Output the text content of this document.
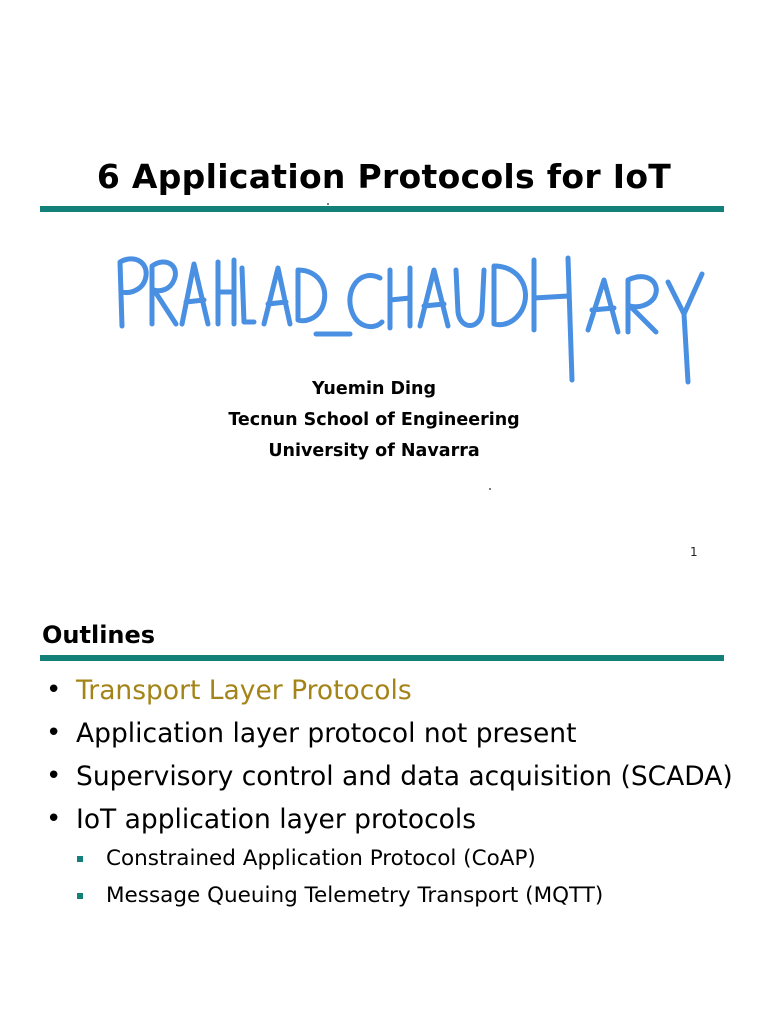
6 Application Protocols for IoT
Yuemin Ding
Tecnun School of Engineering
University of Navarra
1
Outlines
• Transport Layer Protocols
• Application layer protocol not present
• Supervisory control and data acquisition (SCADA)
• IoT application layer protocols
Constrained Application Protocol (CoAP)
Message Queuing Telemetry Transport (MQTT)
